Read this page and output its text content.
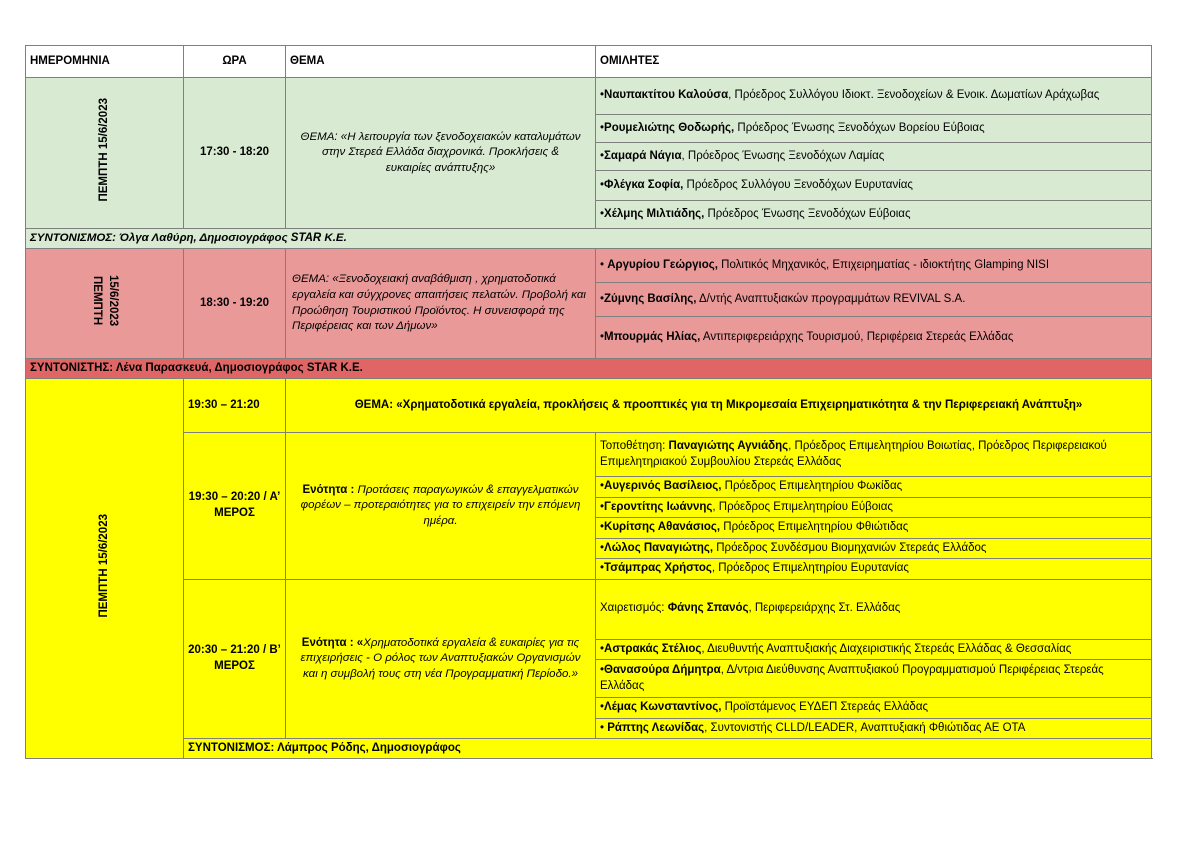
ΗΜΕΡΟΜΗΝΙΑ	ΩΡΑ	ΘΕΜΑ	ΟΜΙΛΗΤΕΣ
ΠΕΜΠΤΗ 15/6/2023	17:30 - 18:20	ΘΕΜΑ: «Η λειτουργία των ξενοδοχειακών καταλυμάτων στην Στερεά Ελλάδα διαχρονικά. Προκλήσεις & ευκαιρίες ανάπτυξης»	•Ναυπακτίτου Καλούσα, Πρόεδρος Συλλόγου Ιδιοκτ. Ξενοδοχείων & Ενοικ. Δωματίων Αράχωβας
			•Ρουμελιώτης Θοδωρής, Πρόεδρος Ένωσης Ξενοδόχων Βορείου Εύβοιας
			•Σαμαρά Νάγια, Πρόεδρος Ένωσης Ξενοδόχων Λαμίας
			•Φλέγκα Σοφία, Πρόεδρος Συλλόγου Ξενοδόχων Ευρυτανίας
			•Χέλμης Μιλτιάδης, Πρόεδρος Ένωσης Ξενοδόχων Εύβοιας
ΣΥΝΤΟΝΙΣΜΟΣ: Όλγα Λαθύρη, Δημοσιογράφος STAR Κ.Ε.			
ΠΕΜΠΤΗ 15/6/2023	18:30 - 19:20	ΘΕΜΑ: «Ξενοδοχειακή αναβάθμιση , χρηματοδοτικά εργαλεία και σύγχρονες απαιτήσεις πελατών. Προβολή και Προώθηση Τουριστικού Προϊόντος. Η συνεισφορά της Περιφέρειας και των Δήμων»	• Αργυρίου Γεώργιος, Πολιτικός Μηχανικός, Επιχειρηματίας - ιδιοκτήτης Glamping NISI
			•Ζύμνης Βασίλης, Δ/ντής Αναπτυξιακών προγραμμάτων REVIVAL S.A.
			•Μπουρμάς Ηλίας, Αντιπεριφερειάρχης Τουρισμού, Περιφέρεια Στερεάς Ελλάδας
ΣΥΝΤΟΝΙΣΤΗΣ: Λένα Παρασκευά, Δημοσιογράφος STAR Κ.Ε.			
ΠΕΜΠΤΗ 15/6/2023	19:30 – 21:20	ΘΕΜΑ: «Χρηματοδοτικά εργαλεία, προκλήσεις & προοπτικές για τη Μικρομεσαία Επιχειρηματικότητα & την Περιφερειακή Ανάπτυξη»	
	19:30 – 20:20 / Α’ ΜΕΡΟΣ	Ενότητα : Προτάσεις παραγωγικών & επαγγελματικών φορέων – προτεραιότητες για το επιχειρείν την επόμενη ημέρα.	Τοποθέτηση: Παναγιώτης Αγνιάδης, Πρόεδρος Επιμελητηρίου Βοιωτίας, Πρόεδρος Περιφερειακού Επιμελητηριακού Συμβουλίου Στερεάς Ελλάδας
			•Αυγερινός Βασίλειος, Πρόεδρος Επιμελητηρίου Φωκίδας
			•Γεροντίτης Ιωάννης, Πρόεδρος Επιμελητηρίου Εύβοιας
			•Κυρίτσης Αθανάσιος, Πρόεδρος Επιμελητηρίου Φθιώτιδας
			•Λώλος Παναγιώτης, Πρόεδρος Συνδέσμου Βιομηχανιών Στερεάς Ελλάδος
			•Τσάμπρας Χρήστος, Πρόεδρος Επιμελητηρίου Ευρυτανίας
	20:30 – 21:20 / Β’ ΜΕΡΟΣ	Ενότητα : «Χρηματοδοτικά εργαλεία & ευκαιρίες για τις επιχειρήσεις - Ο ρόλος των Αναπτυξιακών Οργανισμών και η συμβολή τους στη νέα Προγραμματική Περίοδο.»	Χαιρετισμός: Φάνης Σπανός, Περιφερειάρχης Στ. Ελλάδας
			•Αστρακάς Στέλιος, Διευθυντής Αναπτυξιακής Διαχειριστικής Στερεάς Ελλάδας & Θεσσαλίας
			•Θανασούρα Δήμητρα, Δ/ντρια Διεύθυνσης Αναπτυξιακού Προγραμματισμού Περιφέρειας Στερεάς Ελλάδας
			•Λέμας Κωνσταντίνος, Προϊστάμενος ΕΥΔΕΠ Στερεάς Ελλάδας
			• Ράπτης Λεωνίδας, Συντονιστής CLLD/LEADER, Αναπτυξιακή Φθιώτιδας ΑΕ ΟΤΑ
	ΣΥΝΤΟΝΙΣΜΟΣ: Λάμπρος Ρόδης, Δημοσιογράφος		
